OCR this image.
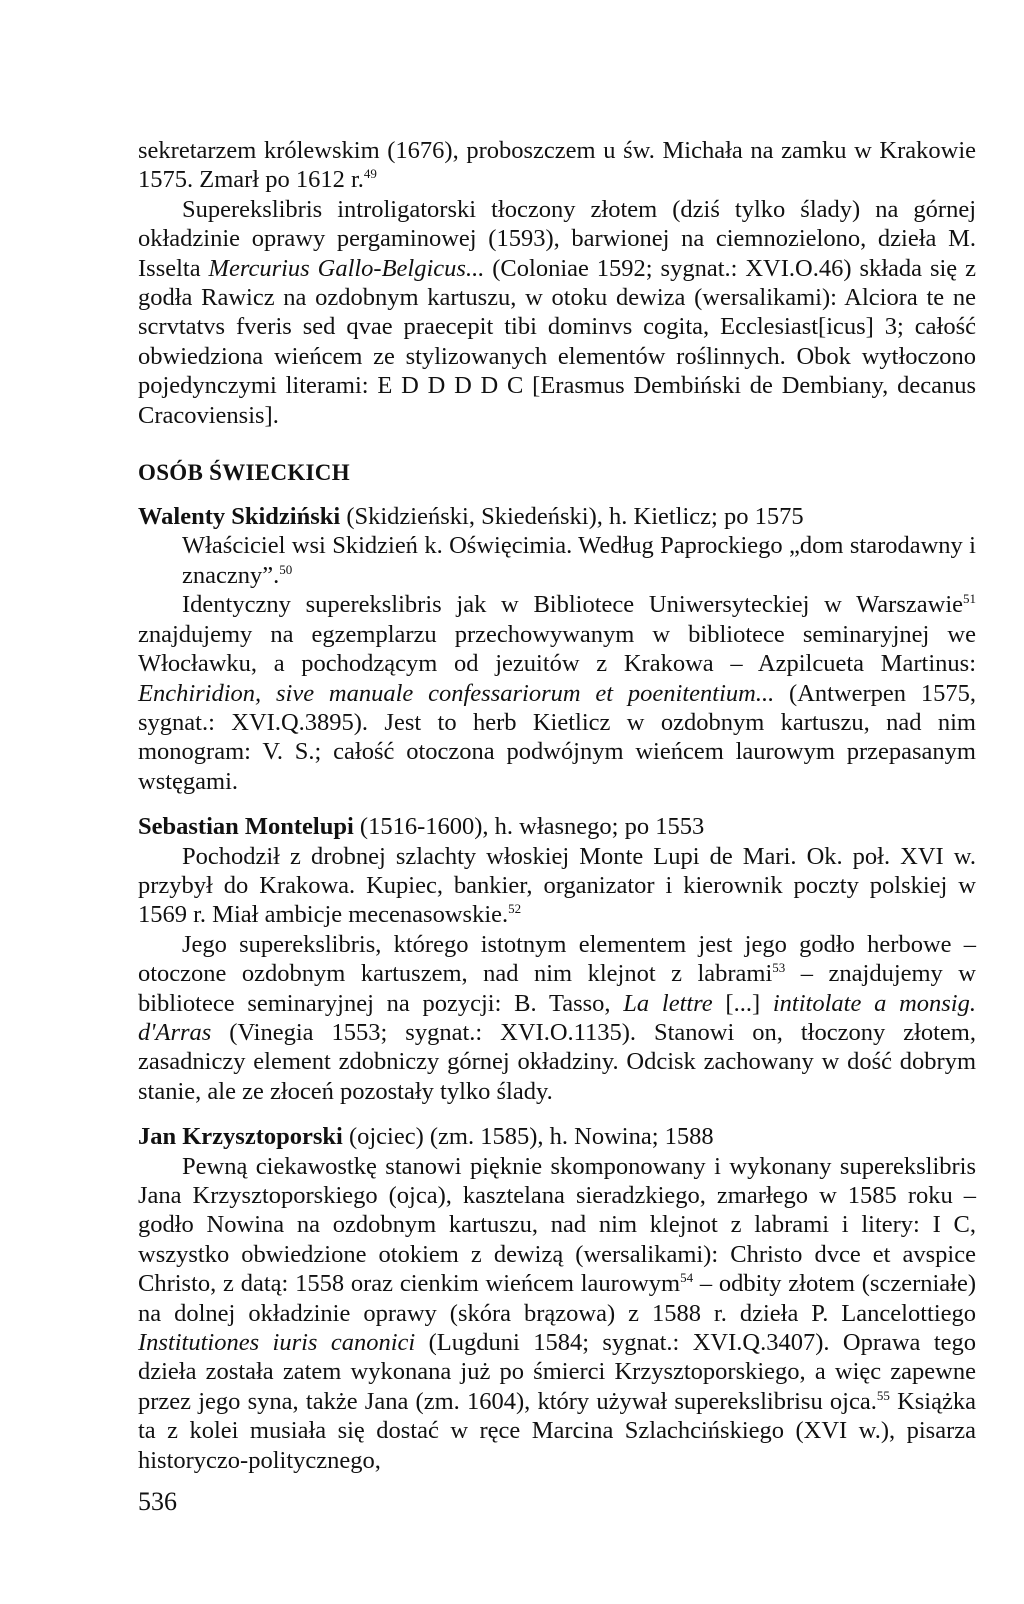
sekretarzem królewskim (1676), proboszczem u św. Michała na zamku w Krakowie 1575. Zmarł po 1612 r.$^{49}$

Superekslibris introligatorski tłoczony złotem (dziś tylko ślady) na górnej okładzinie oprawy pergaminowej (1593), barwionej na ciemnozielono, dzieła M. Isselta Mercurius Gallo-Belgicus... (Coloniae 1592; sygnat.: XVI.O.46) składa się z godła Rawicz na ozdobnym kartuszu, w otoku dewiza (wersalikami): Alciora te ne scrvtatvs fveris sed qvae praecepit tibi dominvs cogita, Ecclesiast[icus] 3; całość obwiedziona wieńcem ze stylizowanych elementów roślinnych. Obok wytłoczono pojedynczymi literami: E D D D D C [Erasmus Dembiński de Dembiany, decanus Cracoviensis].

OSÓB ŚWIECKICH
Walenty Skidziński (Skidzieński, Skiedeński), h. Kietlicz; po 1575

Właściciel wsi Skidzień k. Oświęcimia. Według Paprockiego „dom starodawny i znaczny”.$^{50}$

Identyczny superekslibris jak w Bibliotece Uniwersyteckiej w Warszawie$^{51}$ znajdujemy na egzemplarzu przechowywanym w bibliotece seminaryjnej we Włocławku, a pochodzącym od jezuitów z Krakowa – Azpilcueta Martinus: Enchiridion, sive manuale confessariorum et poenitentium... (Antwerpen 1575, sygnat.: XVI.Q.3895). Jest to herb Kietlicz w ozdobnym kartuszu, nad nim monogram: V. S.; całość otoczona podwójnym wieńcem laurowym przepasanym wstęgami.

Sebastian Montelupi (1516-1600), h. własnego; po 1553

Pochodził z drobnej szlachty włoskiej Monte Lupi de Mari. Ok. poł. XVI w. przybył do Krakowa. Kupiec, bankier, organizator i kierownik poczty polskiej w 1569 r. Miał ambicje mecenasowskie.$^{52}$

Jego superekslibris, którego istotnym elementem jest jego godło herbowe – otoczone ozdobnym kartuszem, nad nim klejnot z labrami$^{53}$ – znajdujemy w bibliotece seminaryjnej na pozycji: B. Tasso, La lettre [...] intitolate a monsig. d'Arras (Vinegia 1553; sygnat.: XVI.O.1135). Stanowi on, tłoczony złotem, zasadniczy element zdobniczy górnej okładziny. Odcisk zachowany w dość dobrym stanie, ale ze złoceń pozostały tylko ślady.

Jan Krzysztoporski (ojciec) (zm. 1585), h. Nowina; 1588

Pewną ciekawostkę stanowi pięknie skomponowany i wykonany superekslibris Jana Krzysztoporskiego (ojca), kasztelana sieradzkiego, zmarłego w 1585 roku – godło Nowina na ozdobnym kartuszu, nad nim klejnot z labrami i litery: I C, wszystko obwiedzione otokiem z dewizą (wersalikami): Christo dvce et avspice Christo, z datą: 1558 oraz cienkim wieńcem laurowym$^{54}$ – odbity złotem (sczerniałe) na dolnej okładzinie oprawy (skóra brązowa) z 1588 r. dzieła P. Lancelottiego Institutiones iuris canonici (Lugduni 1584; sygnat.: XVI.Q.3407). Oprawa tego dzieła została zatem wykonana już po śmierci Krzysztoporskiego, a więc zapewne przez jego syna, także Jana (zm. 1604), który używał superekslibrisu ojca.$^{55}$ Książka ta z kolei musiała się dostać w ręce Marcina Szlachcińskiego (XVI w.), pisarza historyczo-politycznego,

536
